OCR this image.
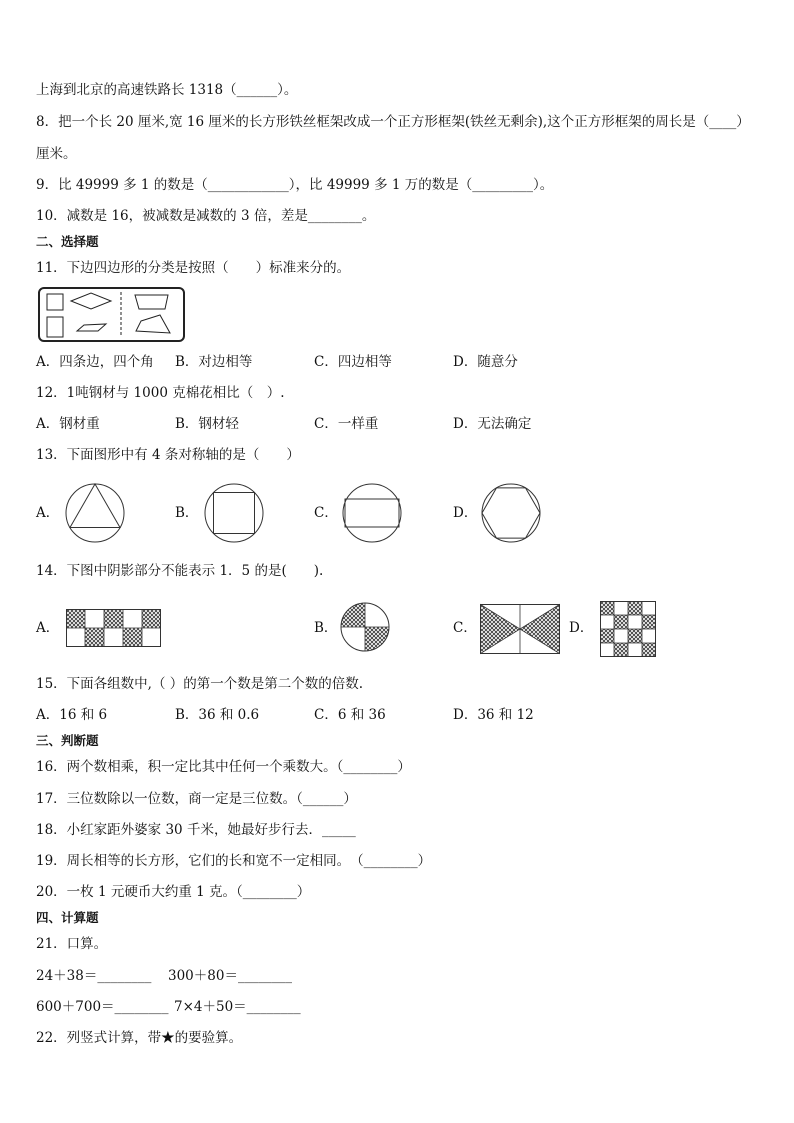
上海到北京的高速铁路长 1318（______）。
8．把一个长 20 厘米,宽 16 厘米的长方形铁丝框架改成一个正方形框架(铁丝无剩余),这个正方形框架的周长是（____）
厘米。
9．比 49999 多 1 的数是（____________），比 49999 多 1 万的数是（_________）。
10．减数是 16，被减数是减数的 3 倍，差是________。
二、选择题
11．下边四边形的分类是按照（　　）标准来分的。
A．四条边，四个角 B．对边相等	C．四边相等	D．随意分
12．1吨钢材与 1000 克棉花相比（　）.
A．钢材重	B．钢材轻	C．一样重	D．无法确定
13．下面图形中有 4 条对称轴的是（　　）
A．	B．	C．	D．
14．下图中阴影部分不能表示 1．5 的是(　　).
A．	B．	C．	D．
15．下面各组数中,（ ）的第一个数是第二个数的倍数.
A．16 和 6	B．36 和 0.6	C．6 和 36	D．36 和 12
三、判断题
16．两个数相乘，积一定比其中任何一个乘数大。（________）
17．三位数除以一位数，商一定是三位数。（______）
18．小红家距外婆家 30 千米，她最好步行去．_____
19．周长相等的长方形，它们的长和宽不一定相同。　（________）
20．一枚 1 元硬币大约重 1 克。（________）
四、计算题
21．口算。
24＋38＝________ 300＋80＝________
600＋700＝________ 7×4＋50＝________
22．列竖式计算，带★的要验算。
